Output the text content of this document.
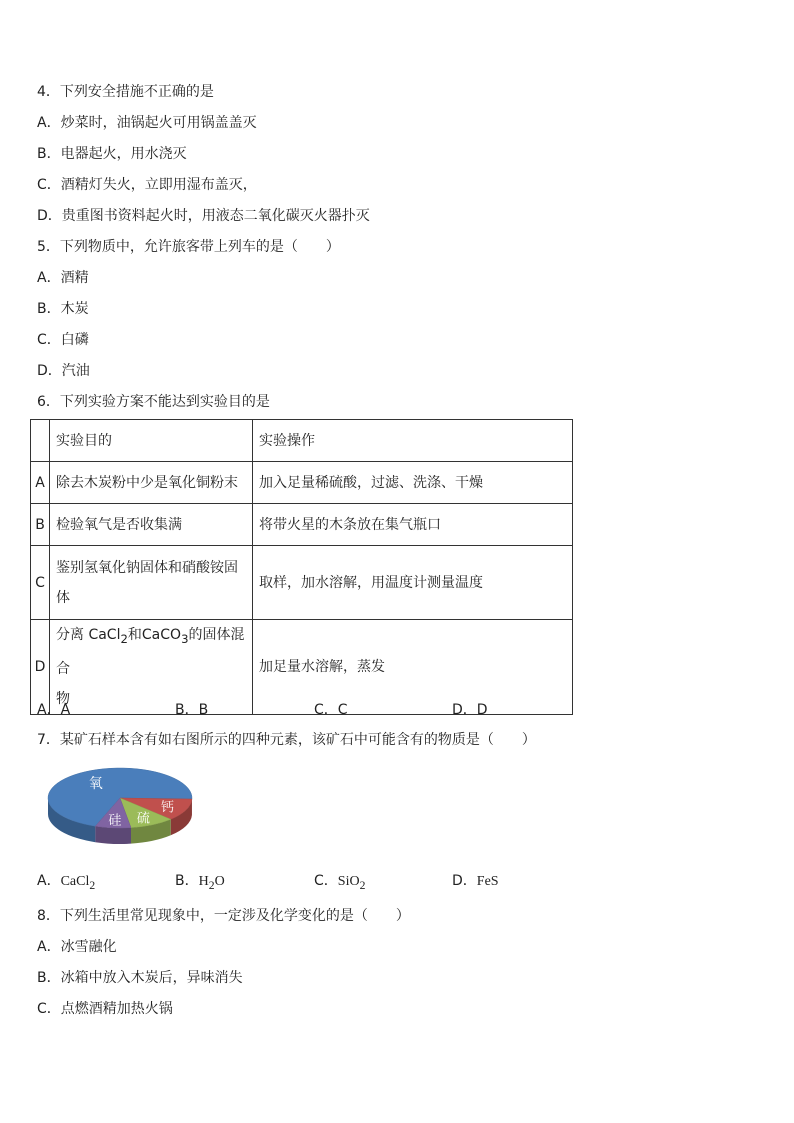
4．下列安全措施不正确的是
A．炒菜时，油锅起火可用锅盖盖灭
B．电器起火，用水浇灭
C．酒精灯失火，立即用湿布盖灭，
D．贵重图书资料起火时，用液态二氧化碳灭火器扑灭
5．下列物质中，允许旅客带上列车的是（　　）
A．酒精
B．木炭
C．白磷
D．汽油
6．下列实验方案不能达到实验目的是
	实验目的	实验操作
A	除去木炭粉中少是氧化铜粉末	加入足量稀硫酸，过滤、洗涤、干燥
B	检验氧气是否收集满	将带火星的木条放在集气瓶口
C	鉴别氢氧化钠固体和硝酸铵固
体	取样，加水溶解，用温度计测量温度
D	分离 CaCl$_2$和CaCO$_3$的固体混合
物	加足量水溶解，蒸发
A．A	B．B	C．C	D．D
7．某矿石样本含有如右图所示的四种元素，该矿石中可能含有的物质是（　　）
氧
钙
硫
硅
A．CaCl$_2$	B．$H_2O$	C．SiO$_2$	D．FeS
8．下列生活里常见现象中，一定涉及化学变化的是（　　）
A．冰雪融化
B．冰箱中放入木炭后，异味消失
C．点燃酒精加热火锅
